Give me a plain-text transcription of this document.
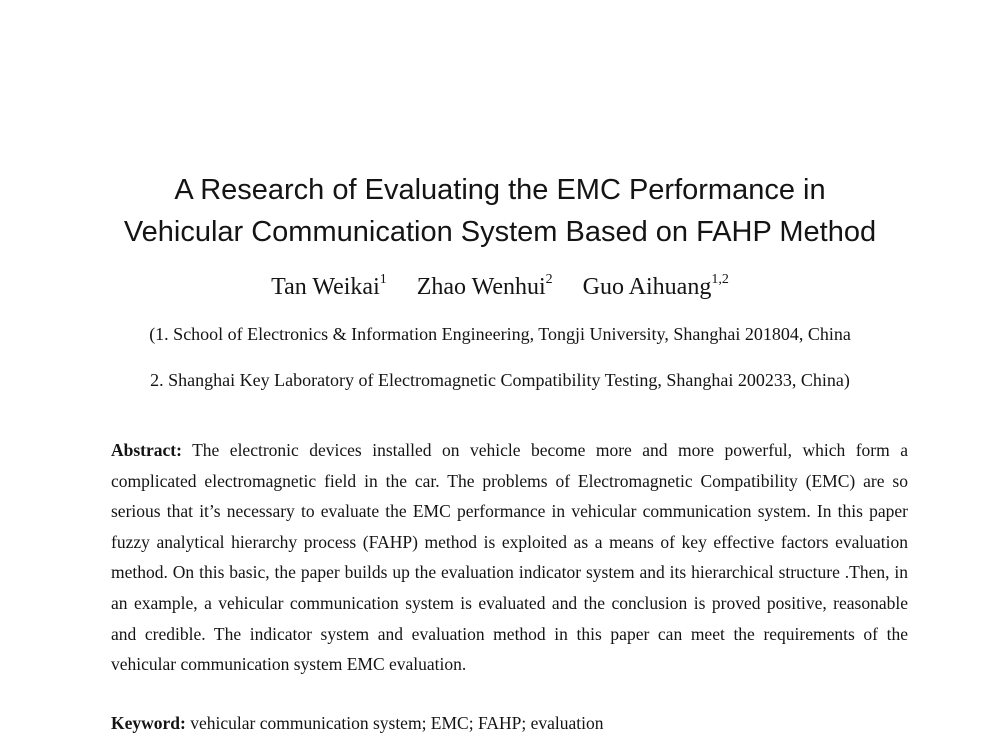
A Research of Evaluating the EMC Performance in
Vehicular Communication System Based on FAHP Method
Tan Weikai$^1$ Zhao Wenhui$^2$ Guo Aihuang$^{1,2}$
(1. School of Electronics & Information Engineering, Tongji University, Shanghai 201804, China
2. Shanghai Key Laboratory of Electromagnetic Compatibility Testing, Shanghai 200233, China)

Abstract: The electronic devices installed on vehicle become more and more powerful, which form a complicated electromagnetic field in the car. The problems of Electromagnetic Compatibility (EMC) are so serious that it’s necessary to evaluate the EMC performance in vehicular communication system. In this paper fuzzy analytical hierarchy process (FAHP) method is exploited as a means of key effective factors evaluation method. On this basic, the paper builds up the evaluation indicator system and its hierarchical structure .Then, in an example, a vehicular communication system is evaluated and the conclusion is proved positive, reasonable and credible. The indicator system and evaluation method in this paper can meet the requirements of the vehicular communication system EMC evaluation.

Keyword: vehicular communication system; EMC; FAHP; evaluation
